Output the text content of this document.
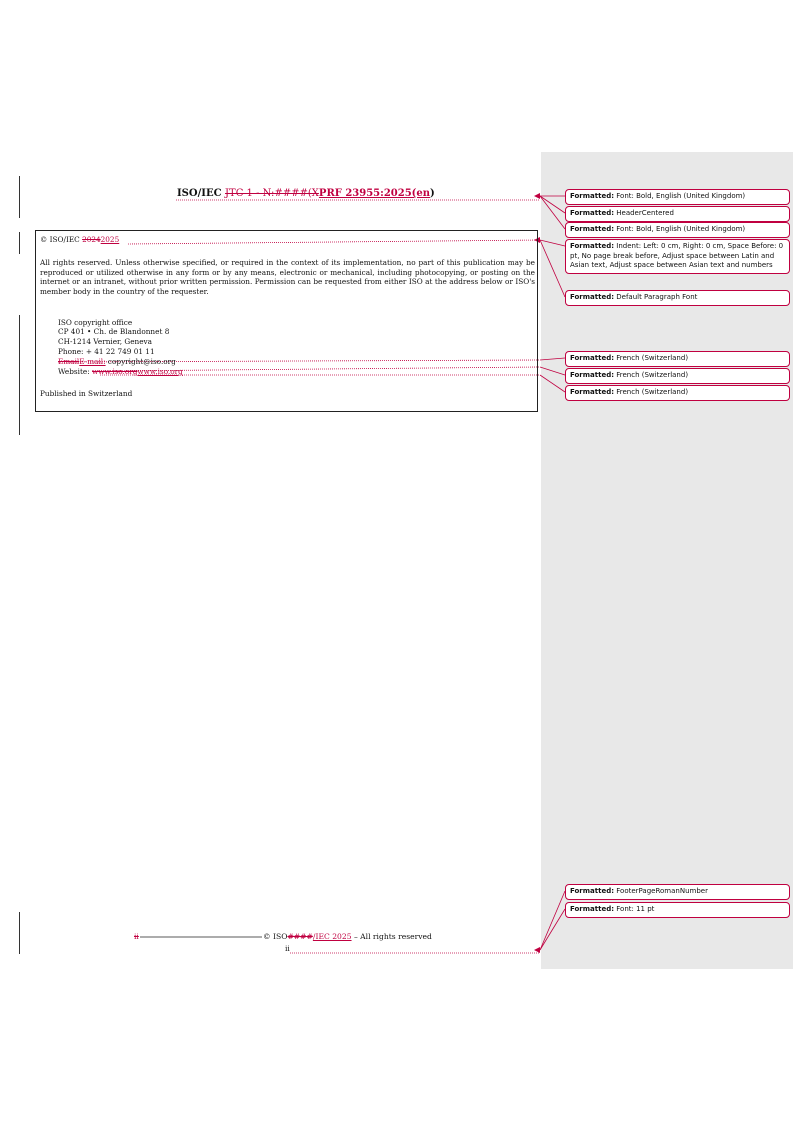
ISO/IEC JTC 1 - N:####(XPRF 23955:2025(en)
© ISO/IEC 20242025
All rights reserved. Unless otherwise specified, or required in the context of its implementation, no part of this publication may be reproduced or utilized otherwise in any form or by any means, electronic or mechanical, including photocopying, or posting on the internet or an intranet, without prior written permission. Permission can be requested from either ISO at the address below or ISO's member body in the country of the requester.
ISO copyright office
CP 401 • Ch. de Blandonnet 8
CH-1214 Vernier, Geneva
Phone: + 41 22 749 01 11
EmailE-mail: copyright@iso.org
Website: www.iso.orgwww.iso.org
Published in Switzerland
Formatted: Font: Bold, English (United Kingdom)
Formatted: HeaderCentered
Formatted: Font: Bold, English (United Kingdom)
Formatted: Indent: Left: 0 cm, Right: 0 cm, Space Before: 0 pt, No page break before, Adjust space between Latin and Asian text, Adjust space between Asian text and numbers
Formatted: Default Paragraph Font
Formatted: French (Switzerland)
Formatted: French (Switzerland)
Formatted: French (Switzerland)
Formatted: FooterPageRomanNumber
Formatted: Font: 11 pt
ii	© ISO####/IEC 2025 – All rights reserved
ii
